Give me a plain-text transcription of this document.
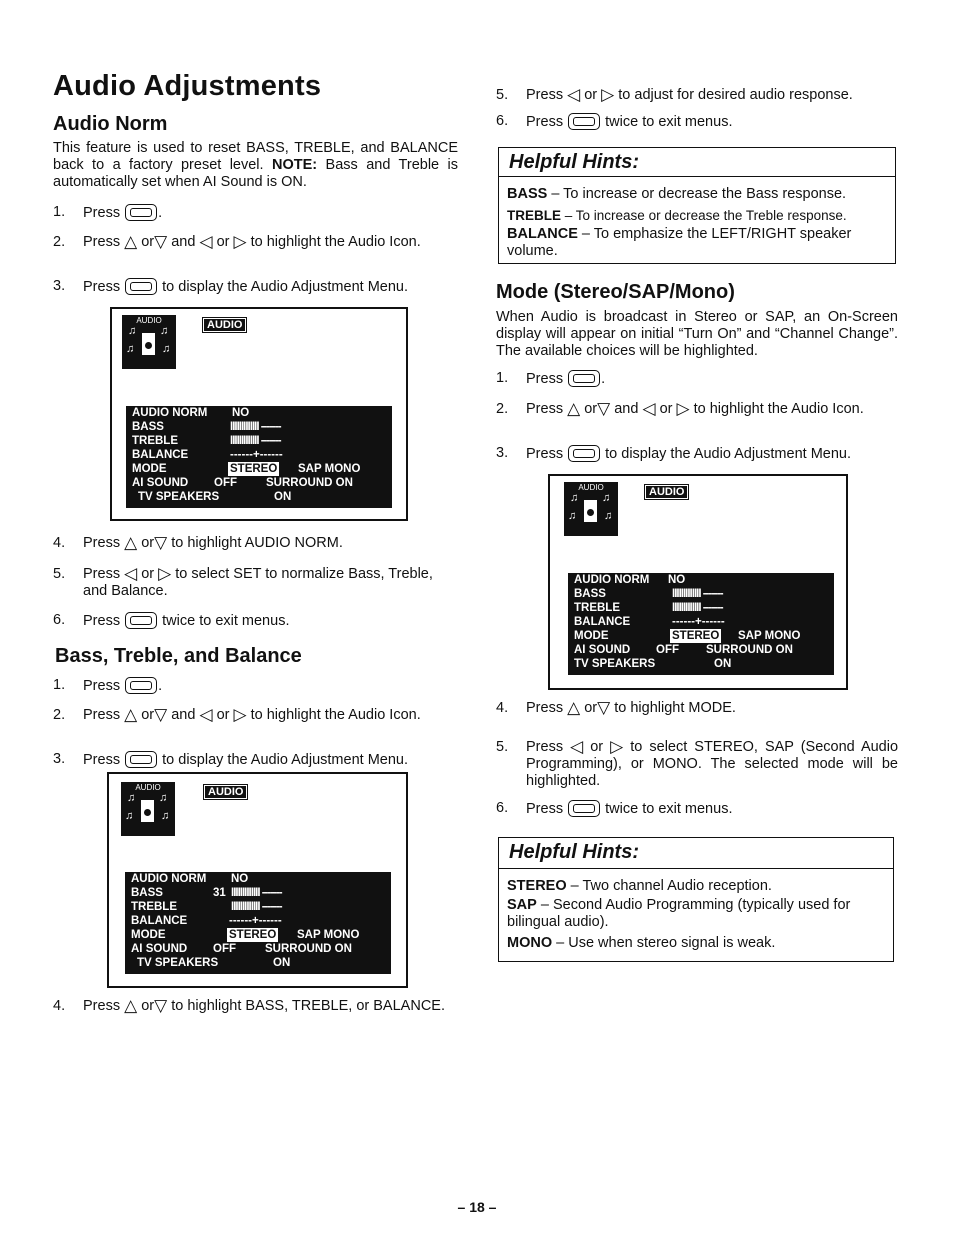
Audio Adjustments
Audio Norm

This feature is used to reset BASS, TREBLE, and BALANCE back to a factory preset level. NOTE: Bass and Treble is automatically set when AI Sound is ON.

1.	Press	.
2.	Press △ or▽ and ◁ or ▷ to highlight the Audio Icon.
3.	Press	to display the Audio Adjustment Menu.
AUDIO
♫ ♫
♫	♫
AUDIO
AUDIO NORM NO
BASS	IIIIIIIIIIIII -------
TREBLE	IIIIIIIIIIIII -------
BALANCE	------+------
MODE	STEREO SAP MONO
AI SOUND OFF	SURROUND ON
TV SPEAKERS	ON
4.	Press △ or▽ to highlight AUDIO NORM.
5.	Press ◁ or ▷ to select SET to normalize Bass, Treble, and Balance.
6.	Press	twice to exit menus.
Bass, Treble, and Balance
1.	Press	.
2.	Press △ or▽ and ◁ or ▷ to highlight the Audio Icon.
3.	Press	to display the Audio Adjustment Menu.
AUDIO
♫ ♫
♫	♫
AUDIO
AUDIO NORM NO
BASS	31 IIIIIIIIIIIII -------
TREBLE	IIIIIIIIIIIII -------
BALANCE	------+------
MODE	STEREO SAP MONO
AI SOUND OFF	SURROUND ON
TV SPEAKERS	ON
4.	Press △ or▽ to highlight BASS, TREBLE, or BALANCE.
5.	Press ◁ or ▷ to adjust for desired audio response.
6.	Press	twice to exit menus.
Helpful Hints:

BASS – To increase or decrease the Bass response.

TREBLE – To increase or decrease the Treble response.

BALANCE – To emphasize the LEFT/RIGHT speaker volume.

Mode (Stereo/SAP/Mono)

When Audio is broadcast in Stereo or SAP, an On-Screen display will appear on initial “Turn On” and “Channel Change”. The available choices will be highlighted.

1.	Press	.
2.	Press △ or▽ and ◁ or ▷ to highlight the Audio Icon.
3.	Press	to display the Audio Adjustment Menu.
AUDIO
♫ ♫
♫	♫
AUDIO
AUDIO NORM NO
BASS	IIIIIIIIIIIII -------
TREBLE	IIIIIIIIIIIII -------
BALANCE	------+------
MODE	STEREO SAP MONO
AI SOUND OFF SURROUND ON
TV SPEAKERS	ON
4.	Press △ or▽ to highlight MODE.
5.	Press ◁ or ▷ to select STEREO, SAP (Second Audio Programming), or MONO. The selected mode will be highlighted.
6.	Press	twice to exit menus.
Helpful Hints:

STEREO – Two channel Audio reception.

SAP – Second Audio Programming (typically used for bilingual audio).

MONO – Use when stereo signal is weak.

– 18 –
